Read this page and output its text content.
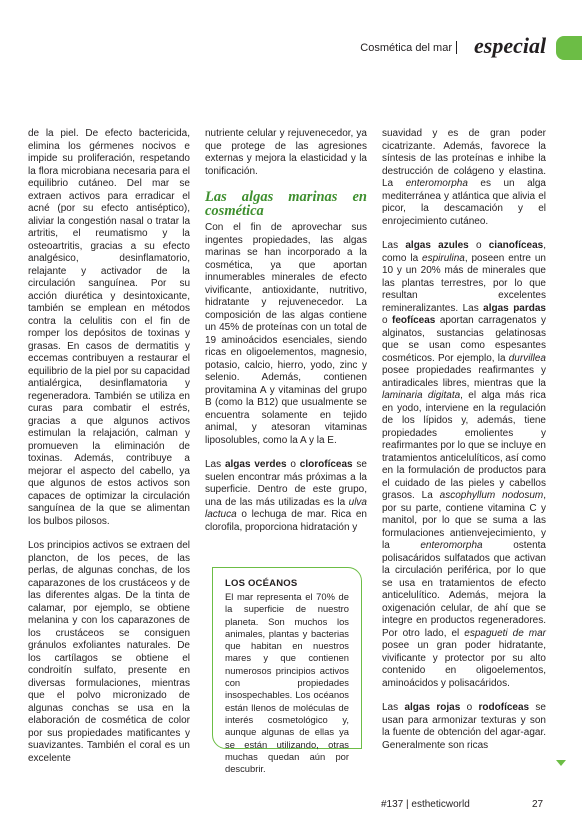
Cosmética del mar especial

de la piel. De efecto bactericida, elimina los gérmenes nocivos e impide su proliferación, respetando la flora microbiana necesaria para el equilibrio cutáneo. Del mar se extraen activos para erradicar el acné (por su efecto antiséptico), aliviar la congestión nasal o tratar la artritis, el reumatismo y la osteoartritis, gracias a su efecto analgésico, desinflamatorio, relajante y activador de la circulación sanguínea. Por su acción diurética y desintoxicante, también se emplean en métodos contra la celulitis con el fin de romper los depósitos de toxinas y grasas. En casos de dermatitis y eccemas contribuyen a restaurar el equilibrio de la piel por su capacidad antialérgica, desinflamatoria y regeneradora. También se utiliza en curas para combatir el estrés, gracias a que algunos activos estimulan la relajación, calman y promueven la eliminación de toxinas. Además, contribuye a mejorar el aspecto del cabello, ya que algunos de estos activos son capaces de optimizar la circulación sanguínea de la que se alimentan los bulbos pilosos.

Los principios activos se extraen del plancton, de los peces, de las perlas, de algunas conchas, de los caparazones de los crustáceos y de las diferentes algas. De la tinta de calamar, por ejemplo, se obtiene melanina y con los caparazones de los crustáceos se consiguen gránulos exfoliantes naturales. De los cartílagos se obtiene el condroitín sulfato, presente en diversas formulaciones, mientras que el polvo micronizado de algunas conchas se usa en la elaboración de cosmética de color por sus propiedades matificantes y suavizantes. También el coral es un excelente

nutriente celular y rejuvenecedor, ya que protege de las agresiones externas y mejora la elasticidad y la tonificación.

Las algas marinas en cosmética

Con el fin de aprovechar sus ingentes propiedades, las algas marinas se han incorporado a la cosmética, ya que aportan innumerables minerales de efecto vivificante, antioxidante, nutritivo, hidratante y rejuvenecedor. La composición de las algas contiene un 45% de proteínas con un total de 19 aminoácidos esenciales, siendo ricas en oligoelementos, magnesio, potasio, calcio, hierro, yodo, zinc y selenio. Además, contienen provitamina A y vitaminas del grupo B (como la B12) que usualmente se encuentra solamente en tejido animal, y atesoran vitaminas liposolubles, como la A y la E.

Las algas verdes o clorofíceas se suelen encontrar más próximas a la superficie. Dentro de este grupo, una de las más utilizadas es la ulva lactuca o lechuga de mar. Rica en clorofila, proporciona hidratación y

LOS OCÉANOS
El mar representa el 70% de la superficie de nuestro planeta. Son muchos los animales, plantas y bacterias que habitan en nuestros mares y que contienen numerosos principios activos con propiedades insospechables. Los océanos están llenos de moléculas de interés cosmetológico y, aunque algunas de ellas ya se están utilizando, otras muchas quedan aún por descubrir.

suavidad y es de gran poder cicatrizante. Además, favorece la síntesis de las proteínas e inhibe la destrucción de colágeno y elastina. La enteromorpha es un alga mediterránea y atlántica que alivia el picor, la descamación y el enrojecimiento cutáneo.

Las algas azules o cianofíceas, como la espirulina, poseen entre un 10 y un 20% más de minerales que las plantas terrestres, por lo que resultan excelentes remineralizantes. Las algas pardas o feofíceas aportan carragenatos y alginatos, sustancias gelatinosas que se usan como espesantes cosméticos. Por ejemplo, la durvillea posee propiedades reafirmantes y antiradicales libres, mientras que la laminaria digitata, el alga más rica en yodo, interviene en la regulación de los lípidos y, además, tiene propiedades emolientes y reafirmantes por lo que se incluye en tratamientos anticelulíticos, así como en la formulación de productos para el cuidado de las pieles y cabellos grasos. La ascophyllum nodosum, por su parte, contiene vitamina C y manitol, por lo que se suma a las formulaciones antienvejecimiento, y la enteromorpha ostenta polisacáridos sulfatados que activan la circulación periférica, por lo que se usa en tratamientos de efecto anticelulítico. Además, mejora la oxigenación celular, de ahí que se integre en productos regeneradores. Por otro lado, el espagueti de mar posee un gran poder hidratante, vivificante y protector por su alto contenido en oligoelementos, aminoácidos y polisacáridos.

Las algas rojas o rodofíceas se usan para armonizar texturas y son la fuente de obtención del agar-agar. Generalmente son ricas

#137 | estheticworld	27
